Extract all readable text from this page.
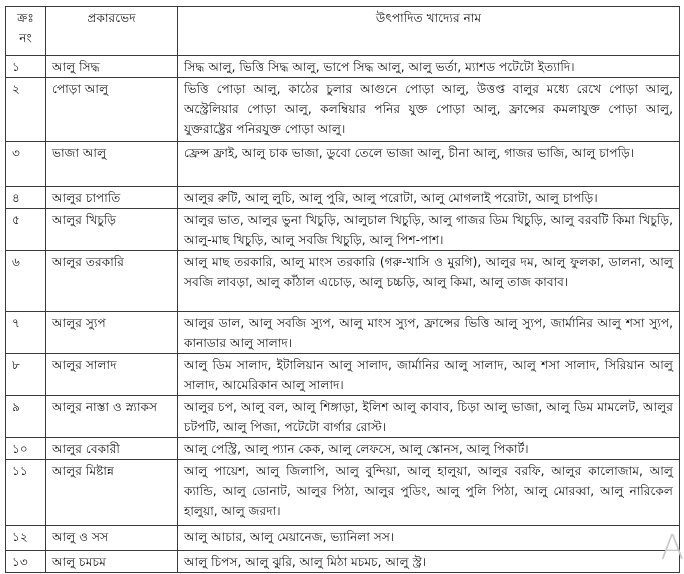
ক্রঃ নং	প্রকারভেদ	উৎপাদিত খাদ্যের নাম
১	আলু সিদ্ধ	সিদ্ধ আলু, ভিত্তি সিদ্ধ আলু, ভাপে সিদ্ধ আলু, আলু ভর্তা, ম্যাশড পটেটো ইত্যাদি।
২	পোড়া আলু	ভিত্তি পোড়া আলু, কাঠের চুলার আগুনে পোড়া আলু, উত্তপ্ত বালুর মধ্যে রেখে পোড়া আলু, অস্ট্রেলিয়ার পোড়া আলু, কলম্বিয়ার পনির যুক্ত পোড়া আলু, ফ্রান্সের কমলাযুক্ত পোড়া আলু, যুক্তরাষ্ট্রের পনিরযুক্ত পোড়া আলু।
৩	ভাজা আলু	ফ্রেন্স ফ্রাই, আলু চাক ভাজা, ডুবো তেলে ভাজা আলু, চীনা আলু, গাজর ভাজি, আলু চাপড়ি।
৪	আলুর চাপাতি	আলুর রুটি, আলু লুচি, আলু পুরি, আলু পরোটা, আলু মোগলাই পরোটা, আলু চাপড়ি।
৫	আলুর খিচুড়ি	আলুর ভাত, আলুর ভুনা খিচুড়ি, আলুচাল খিচুড়ি, আলু গাজর ডিম খিচুড়ি, আলু বরবটি কিমা খিচুড়ি, আলু-মাছ খিচুড়ি, আলু সবজি খিচুড়ি, আলু পিশ-পাশ।
৬	আলুর তরকারি	আলু মাছ তরকারি, আলু মাংস তরকারি (গরু-খাসি ও মুরগি), আলুর দম, আলু ফুলকা, ডালনা, আলু সবজি লাবড়া, আলু কাঁঠাল এচোড়, আলু চচ্চড়ি, আলু কিমা, আলু তাজ কাবাব।
৭	আলুর স্যুপ	আলুর ডাল, আলু সবজি স্যুপ, আলু মাংস স্যুপ, ফ্রান্সের ভিত্তি আলু স্যুপ, জার্মানির আলু শসা স্যুপ, কানাডার আলু সালাদ।
৮	আলুর সালাদ	আলু ডিম সালাদ, ইটালিয়ান আলু সালাদ, জার্মানির আলু সালাদ, আলু শসা সালাদ, সিরিয়ান আলু সালাদ, আমেরিকান আলু সালাদ।
৯	আলুর নাস্তা ও স্ন্যাকস	আলুর চপ, আলু বল, আলু শিঙ্গাড়া, ইলিশ আলু কাবাব, চিড়া আলু ভাজা, আলু ডিম মামলেট, আলুর চটপটি, আলু পিজা, পটেটো বার্গার রোস্ট।
১০	আলুর বেকারী	আলু পেস্ট্রি, আলু প্যান কেক, আলু লেফসে, আলু স্কোনস, আলু পিকার্ট।
১১	আলুর মিষ্টান্ন	আলু পায়েশ, আলু জিলাপি, আলু বুন্দিয়া, আলু হালুয়া, আলুর বরফি, আলুর কালোজাম, আলু ক্যান্ডি, আলু ডোনাট, আলুর পিঠা, আলুর পুডিং, আলু পুলি পিঠা, আলু মোরব্বা, আলু নারিকেল হালুয়া, আলু জরদা।
১২	আলু ও সস	আলু আচার, আলু মেয়ানেজ, ভ্যানিলা সস।
১৩	আলু চমচম	আলু চিপস, আলু ঝুরি, আলু মিঠা মচমচ, আলু স্ট্র।	A
